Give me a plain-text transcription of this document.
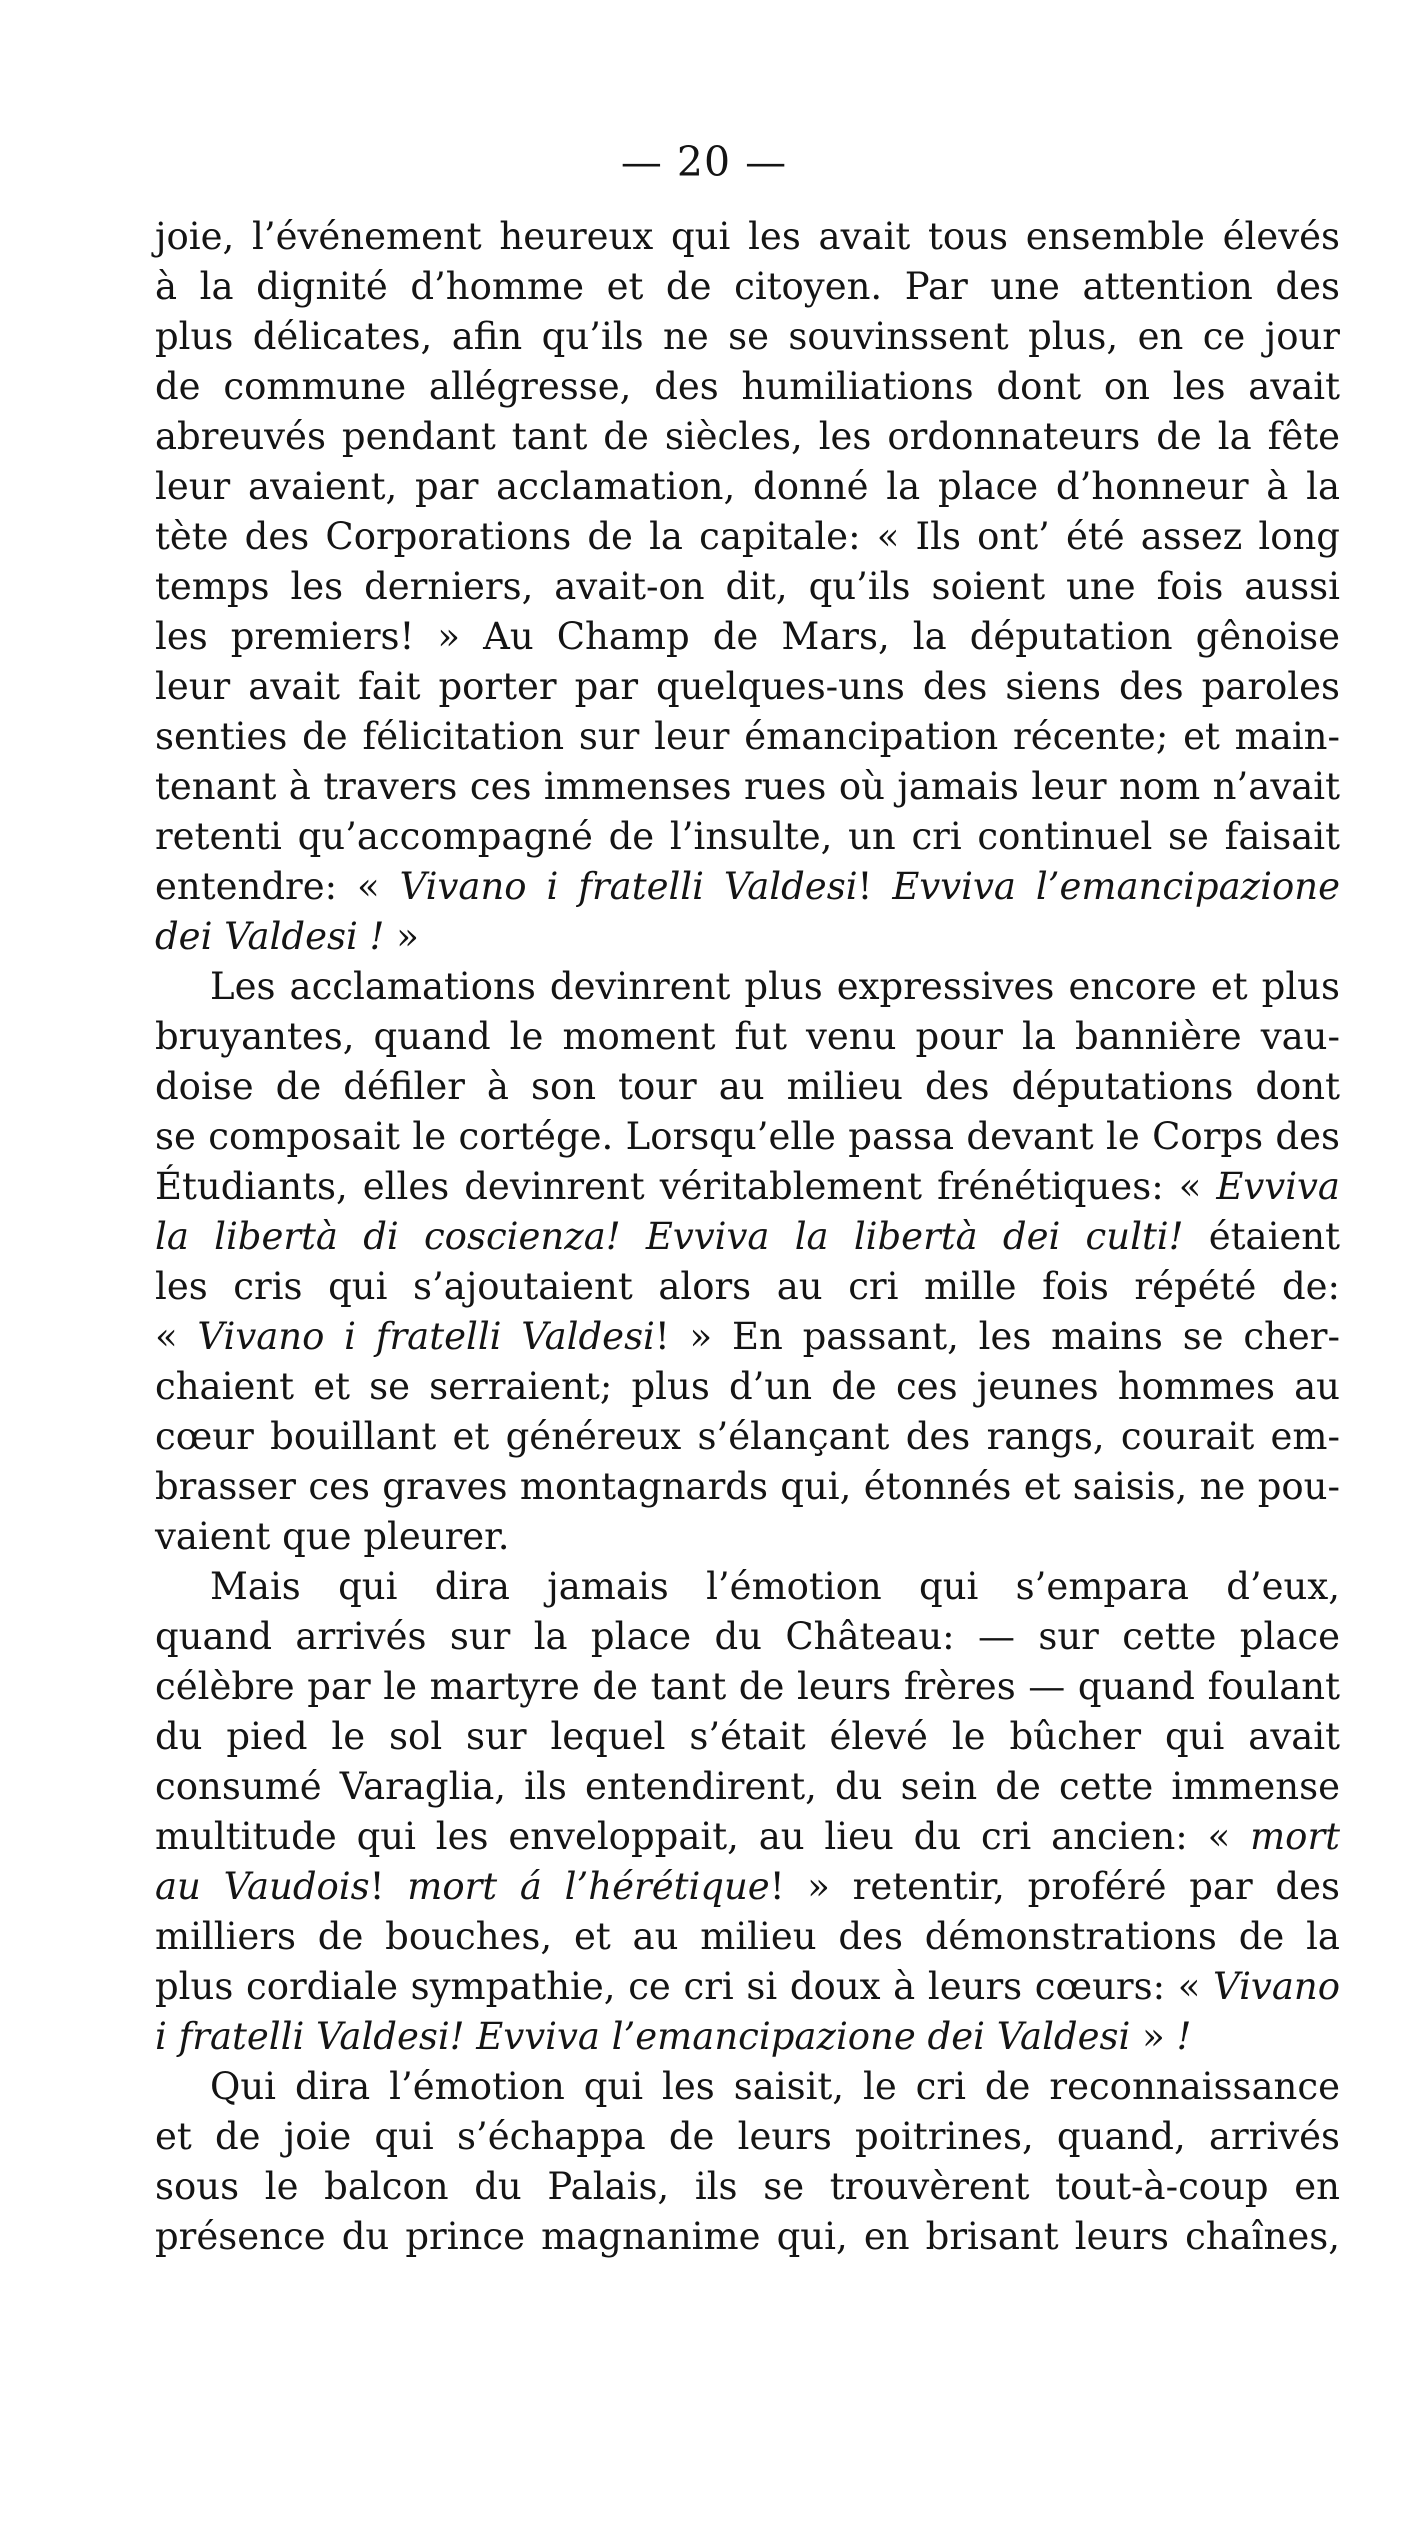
— 20 —
joie, l’événement heureux qui les avait tous ensemble élevés
à la dignité d’homme et de citoyen. Par une attention des
plus délicates, afin qu’ils ne se souvinssent plus, en ce jour
de commune allégresse, des humiliations dont on les avait
abreuvés pendant tant de siècles, les ordonnateurs de la fête
leur avaient, par acclamation, donné la place d’honneur à la
tète des Corporations de la capitale: « Ils ont’ été assez long
temps les derniers, avait-on dit, qu’ils soient une fois aussi
les premiers! » Au Champ de Mars, la députation gênoise
leur avait fait porter par quelques-uns des siens des paroles
senties de félicitation sur leur émancipation récente; et main-
tenant à travers ces immenses rues où jamais leur nom n’avait
retenti qu’accompagné de l’insulte, un cri continuel se faisait
entendre: « Vivano i fratelli Valdesi! Evviva l’emancipazione
dei Valdesi ! »
Les acclamations devinrent plus expressives encore et plus
bruyantes, quand le moment fut venu pour la bannière vau-
doise de défiler à son tour au milieu des députations dont
se composait le cortége. Lorsqu’elle passa devant le Corps des
Étudiants, elles devinrent véritablement frénétiques: « Evviva
la libertà di coscienza! Evviva la libertà dei culti! étaient
les cris qui s’ajoutaient alors au cri mille fois répété de:
« Vivano i fratelli Valdesi! » En passant, les mains se cher-
chaient et se serraient; plus d’un de ces jeunes hommes au
cœur bouillant et généreux s’élançant des rangs, courait em-
brasser ces graves montagnards qui, étonnés et saisis, ne pou-
vaient que pleurer.
Mais qui dira jamais l’émotion qui s’empara d’eux,
quand arrivés sur la place du Château: — sur cette place
célèbre par le martyre de tant de leurs frères — quand foulant
du pied le sol sur lequel s’était élevé le bûcher qui avait
consumé Varaglia, ils entendirent, du sein de cette immense
multitude qui les enveloppait, au lieu du cri ancien: « mort
au Vaudois! mort á l’hérétique! » retentir, proféré par des
milliers de bouches, et au milieu des démonstrations de la
plus cordiale sympathie, ce cri si doux à leurs cœurs: « Vivano
i fratelli Valdesi! Evviva l’emancipazione dei Valdesi » !
Qui dira l’émotion qui les saisit, le cri de reconnaissance
et de joie qui s’échappa de leurs poitrines, quand, arrivés
sous le balcon du Palais, ils se trouvèrent tout-à-coup en
présence du prince magnanime qui, en brisant leurs chaînes,
